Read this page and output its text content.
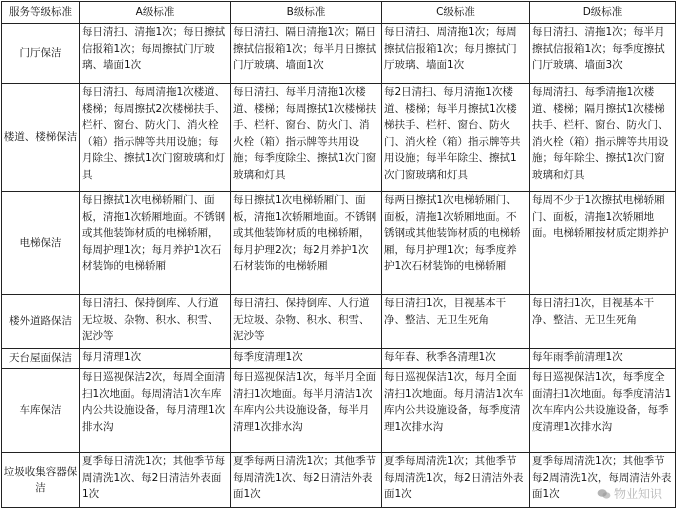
服务等级标准	A级标准	B级标准	C级标准	D级标准
门厅保洁	每日清扫、清拖1次；每日擦拭信报箱1次；每周擦拭门厅玻璃、墙面1次	每日清扫、隔日清拖1次；隔日擦拭信报箱1次；每半月日擦拭门厅玻璃、墙面1次	每日清扫、周清拖1次；每周擦拭信报箱1次；每月擦拭门厅玻璃、墙面1次	每日清扫、清拖1次；每半月擦拭信报箱1次；每季度擦拭门厅玻璃、墙面3次
楼道、楼梯保洁	每日清扫、每周清拖1次楼道、楼梯；每周擦拭2次楼梯扶手、栏杆、窗台、防火门、消火栓（箱）指示牌等共用设施；每月除尘、擦拭1次门窗玻璃和灯具	每日清扫、每半月清拖1次楼道、楼梯；每周擦拭1次楼梯扶手、栏杆、窗台、防火门、消火栓（箱）指示牌等共用设施；每季度除尘、擦拭1次门窗玻璃和灯具	每2日清扫、每月清拖1次楼道、楼梯；每半月擦拭1次楼梯扶手、栏杆、窗台、防火门、消火栓（箱）指示牌等共用设施；每半年除尘、擦拭1次门窗玻璃和灯具	每周清扫、每季清拖1次楼道、楼梯；隔月擦拭1次楼梯扶手、栏杆、窗台、防火门、消火栓（箱）指示牌等共用设施；每年除尘、擦拭1次门窗玻璃和灯具
电梯保洁	每日擦拭1次电梯轿厢门、面板，清拖1次轿厢地面。不锈钢或其他装饰材质的电梯轿厢，每周护理1次；每月养护1次石材装饰的电梯轿厢	每日擦拭1次电梯轿厢门、面板，清拖1次轿厢地面。不锈钢或其他装饰材质的电梯轿厢，每月护理2次；每2月养护1次石材装饰的电梯轿厢	每两日擦拭1次电梯轿厢门、面板，清拖1次轿厢地面。不锈钢或其他装饰材质的电梯轿厢，每月护理1次；每季度养护1次石材装饰的电梯轿厢	每周不少于1次擦拭电梯轿厢门、面板，清拖1次轿厢地面。电梯轿厢按材质定期养护
楼外道路保洁	每日清扫、保持倒库、人行道无垃圾、杂物、积水、积雪、泥沙等	每日清扫、保持倒库、人行道无垃圾、杂物、积水、积雪、泥沙等	每日清扫1次，目视基本干净、整洁、无卫生死角	每日清扫1次，目视基本干净、整洁、无卫生死角
天台屋面保洁	每月清理1次	每季度清理1次	每年春、秋季各清理1次	每年雨季前清理1次
车库保洁	每日巡视保洁2次，每周全面清扫1次地面。每周清洁1次车库内公共设施设备，每月清理1次排水沟	每日巡视保洁1次，每半月全面清扫1次地面。每半月清洁1次车库内公共设施设备，每半月清理1次排水沟	每日巡视保洁1次，每月全面清扫1次地面。每月清洁1次车库内公共设施设备，每季度清理1次排水沟	每日巡视保洁1次，每季度全面清扫1次地面。每季度清洁1次车库内公共设施设备，每季度清理1次排水沟
垃圾收集容器保洁	夏季每日清洗1次；其他季节每周清洗1次、每2日清洁外表面1次	夏季每两日清洗1次；其他季节每周清洗1次、每2日清洁外表面1次	夏季每周清洗1次；其他季节每周清洗1次，每2日清洁外表面1次	夏季每周清洗1次；其他季节每2周清洗1次，每周清洁外表面1次	物业知识
